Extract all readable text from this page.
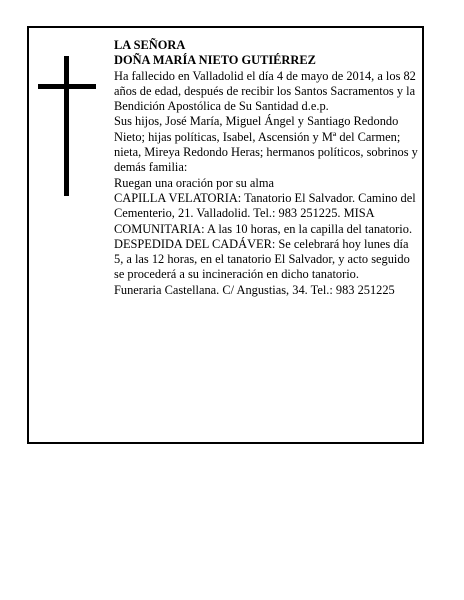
LA SEÑORA

DOÑA MARÍA NIETO GUTIÉRREZ

Ha fallecido en Valladolid el día 4 de mayo de 2014, a los 82 años de edad, después de recibir los Santos Sacramentos y la Bendición Apostólica de Su Santidad d.e.p.

Sus hijos, José María, Miguel Ángel y Santiago Redondo Nieto; hijas políticas, Isabel, Ascensión y Mª del Carmen; nieta, Mireya Redondo Heras; hermanos políticos, sobrinos y demás familia:

Ruegan una oración por su alma

CAPILLA VELATORIA: Tanatorio El Salvador. Camino del Cementerio, 21. Valladolid. Tel.: 983 251225. MISA COMUNITARIA: A las 10 horas, en la capilla del tanatorio.

DESPEDIDA DEL CADÁVER: Se celebrará hoy lunes día 5, a las 12 horas, en el tanatorio El Salvador, y acto seguido se procederá a su incineración en dicho tanatorio.

Funeraria Castellana. C/ Angustias, 34. Tel.: 983 251225
